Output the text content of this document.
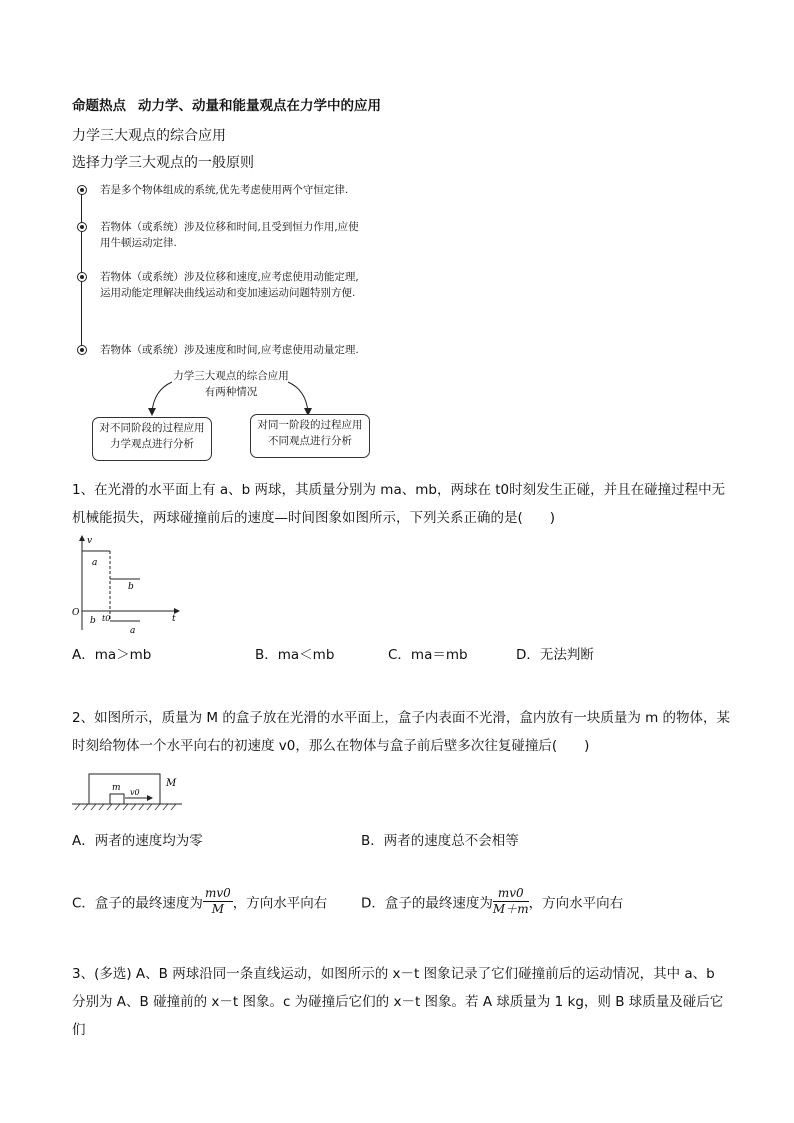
命题热点 动力学、动量和能量观点在力学中的应用
力学三大观点的综合应用
选择力学三大观点的一般原则
若是多个物体组成的系统,优先考虑使用两个守恒定律.
若物体（或系统）涉及位移和时间,且受到恒力作用,应使用牛顿运动定律.
若物体（或系统）涉及位移和速度,应考虑使用动能定理,运用动能定理解决曲线运动和变加速运动问题特别方便.
若物体（或系统）涉及速度和时间,应考虑使用动量定理.
力学三大观点的综合应用有两种情况
对不同阶段的过程应用力学观点进行分析
对同一阶段的过程应用不同观点进行分析
1、在光滑的水平面上有 a、b 两球，其质量分别为 ma、mb，两球在 t0时刻发生正碰，并且在碰撞过程中无机械能损失，两球碰撞前后的速度—时间图象如图所示，下列关系正确的是(　　)
v
t
O
a
b
b t0
a
A．ma＞mb	B．ma＜mb	C．ma＝mb	D．无法判断
2、如图所示，质量为 M 的盒子放在光滑的水平面上，盒子内表面不光滑，盒内放有一块质量为 m 的物体，某时刻给物体一个水平向右的初速度 v0，那么在物体与盒子前后壁多次往复碰撞后(　　)
m v0
M
A．两者的速度均为零	B．两者的速度总不会相等
C．盒子的最终速度为 $\frac{mv0}{M}$ ，方向水平向右	D．盒子的最终速度为 $\frac{mv0}{M+m}$ ，方向水平向右
3、(多选) A、B 两球沿同一条直线运动，如图所示的 x－t 图象记录了它们碰撞前后的运动情况，其中 a、b 分别为 A、B 碰撞前的 x－t 图象。c 为碰撞后它们的 x－t 图象。若 A 球质量为 1 kg，则 B 球质量及碰后它们
